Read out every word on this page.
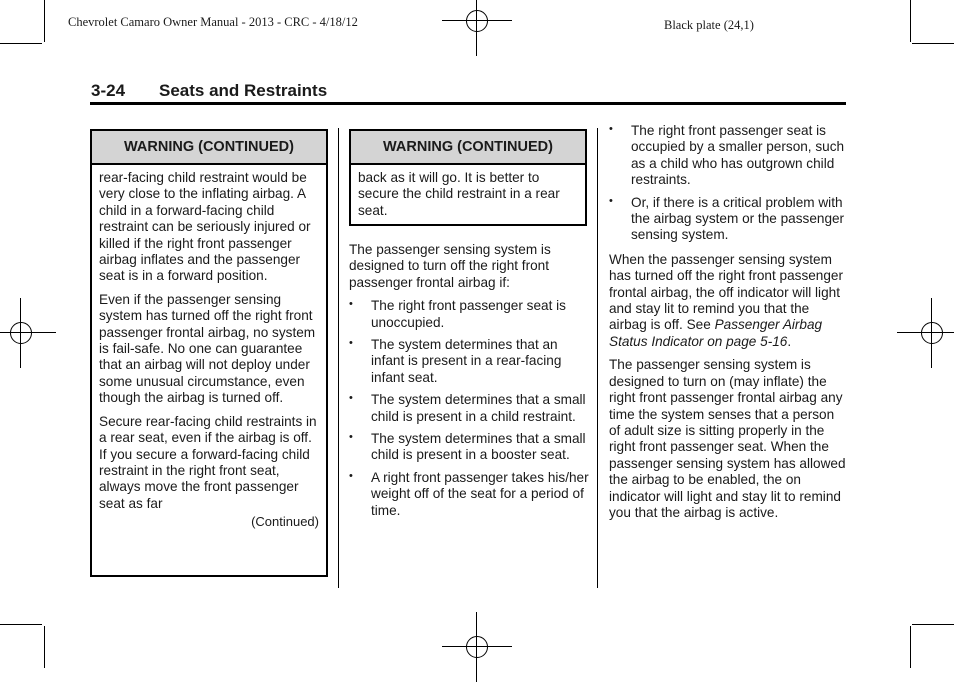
Chevrolet Camaro Owner Manual - 2013 - CRC - 4/18/12	Black plate (24,1)
3-24 Seats and Restraints
WARNING (CONTINUED)

rear-facing child restraint would be very close to the inflating airbag. A child in a forward-facing child restraint can be seriously injured or killed if the right front passenger airbag inflates and the passenger seat is in a forward position.

Even if the passenger sensing system has turned off the right front passenger frontal airbag, no system is fail-safe. No one can guarantee that an airbag will not deploy under some unusual circumstance, even though the airbag is turned off.

Secure rear-facing child restraints in a rear seat, even if the airbag is off. If you secure a forward-facing child restraint in the right front seat, always move the front passenger seat as far

(Continued)
WARNING (CONTINUED)

back as it will go. It is better to secure the child restraint in a rear seat.

The passenger sensing system is designed to turn off the right front passenger frontal airbag if:

• The right front passenger seat is unoccupied.
• The system determines that an infant is present in a rear-facing infant seat.
• The system determines that a small child is present in a child restraint.
• The system determines that a small child is present in a booster seat.
• A right front passenger takes his/her weight off of the seat for a period of time.
• The right front passenger seat is occupied by a smaller person, such as a child who has outgrown child restraints.
• Or, if there is a critical problem with the airbag system or the passenger sensing system.

When the passenger sensing system has turned off the right front passenger frontal airbag, the off indicator will light and stay lit to remind you that the airbag is off. See Passenger Airbag Status Indicator on page 5-16.

The passenger sensing system is designed to turn on (may inflate) the right front passenger frontal airbag any time the system senses that a person of adult size is sitting properly in the right front passenger seat. When the passenger sensing system has allowed the airbag to be enabled, the on indicator will light and stay lit to remind you that the airbag is active.
